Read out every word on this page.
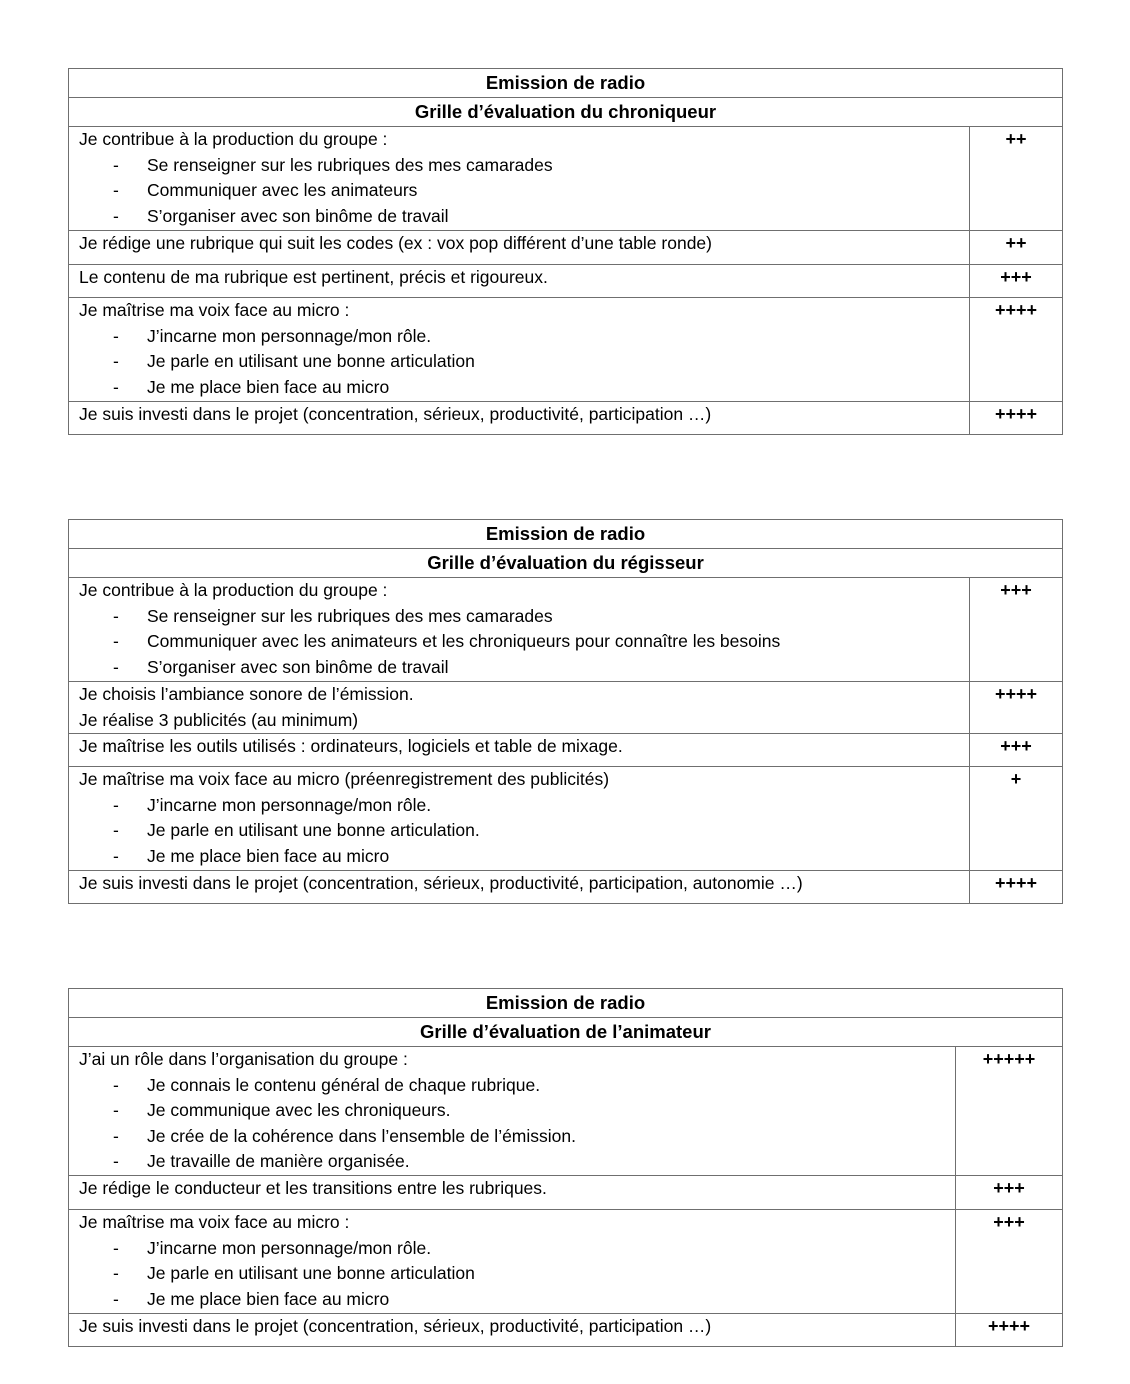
Emission de radio	
Grille d’évaluation du chroniqueur	

Je contribue à la production du groupe :
- Se renseigner sur les rubriques des mes camarades
- Communiquer avec les animateurs
- S’organiser avec son binôme de travail	++

Je rédige une rubrique qui suit les codes (ex : vox pop différent d’une table ronde)	++

Le contenu de ma rubrique est pertinent, précis et rigoureux.	+++

Je maîtrise ma voix face au micro :
- J’incarne mon personnage/mon rôle.
- Je parle en utilisant une bonne articulation
- Je me place bien face au micro	++++

Je suis investi dans le projet (concentration, sérieux, productivité, participation …)	++++
Emission de radio	
Grille d’évaluation du régisseur	

Je contribue à la production du groupe :
- Se renseigner sur les rubriques des mes camarades
- Communiquer avec les animateurs et les chroniqueurs pour connaître les besoins
- S’organiser avec son binôme de travail	+++

Je choisis l’ambiance sonore de l’émission.
Je réalise 3 publicités (au minimum)	++++

Je maîtrise les outils utilisés : ordinateurs, logiciels et table de mixage.	+++

Je maîtrise ma voix face au micro (préenregistrement des publicités)
- J’incarne mon personnage/mon rôle.
- Je parle en utilisant une bonne articulation.
- Je me place bien face au micro	+

Je suis investi dans le projet (concentration, sérieux, productivité, participation, autonomie …)	++++
Emission de radio	
Grille d’évaluation de l’animateur	

J’ai un rôle dans l’organisation du groupe :
- Je connais le contenu général de chaque rubrique.
- Je communique avec les chroniqueurs.
- Je crée de la cohérence dans l’ensemble de l’émission.
- Je travaille de manière organisée.	+++++

Je rédige le conducteur et les transitions entre les rubriques.	+++

Je maîtrise ma voix face au micro :
- J’incarne mon personnage/mon rôle.
- Je parle en utilisant une bonne articulation
- Je me place bien face au micro	+++

Je suis investi dans le projet (concentration, sérieux, productivité, participation …)	++++
